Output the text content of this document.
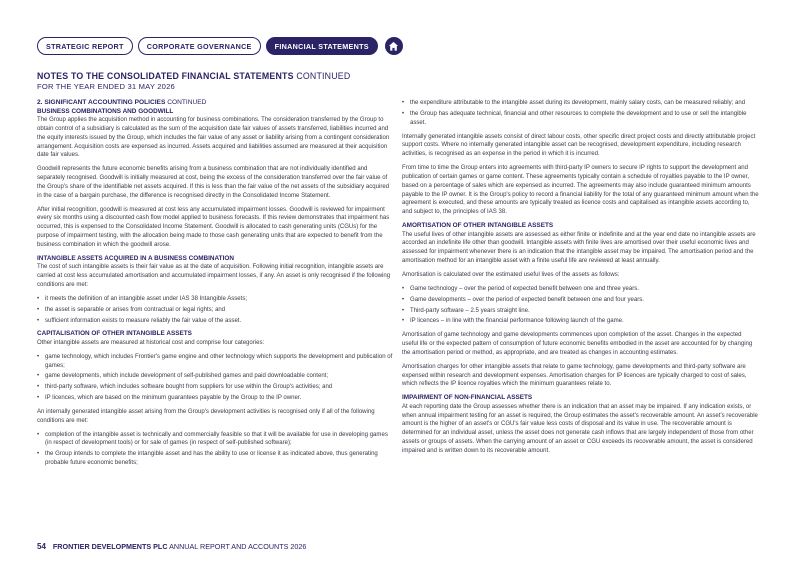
STRATEGIC REPORT	CORPORATE GOVERNANCE	FINANCIAL STATEMENTS
NOTES TO THE CONSOLIDATED FINANCIAL STATEMENTS CONTINUED
FOR THE YEAR ENDED 31 MAY 2026
2. SIGNIFICANT ACCOUNTING POLICIES CONTINUED
BUSINESS COMBINATIONS AND GOODWILL

The Group applies the acquisition method in accounting for business combinations. The consideration transferred by the Group to obtain control of a subsidiary is calculated as the sum of the acquisition date fair values of assets transferred, liabilities incurred and the equity interests issued by the Group, which includes the fair value of any asset or liability arising from a contingent consideration arrangement. Acquisition costs are expensed as incurred. Assets acquired and liabilities assumed are measured at their acquisition date fair values.

Goodwill represents the future economic benefits arising from a business combination that are not individually identified and separately recognised. Goodwill is initially measured at cost, being the excess of the consideration transferred over the fair value of the Group's share of the identifiable net assets acquired. If this is less than the fair value of the net assets of the subsidiary acquired in the case of a bargain purchase, the difference is recognised directly in the Consolidated Income Statement.

After initial recognition, goodwill is measured at cost less any accumulated impairment losses. Goodwill is reviewed for impairment every six months using a discounted cash flow model applied to business forecasts. If this review demonstrates that impairment has occurred, this is expensed to the Consolidated Income Statement. Goodwill is allocated to cash generating units (CGUs) for the purpose of impairment testing, with the allocation being made to those cash generating units that are expected to benefit from the business combination in which the goodwill arose.

INTANGIBLE ASSETS ACQUIRED IN A BUSINESS COMBINATION

The cost of such intangible assets is their fair value as at the date of acquisition. Following initial recognition, intangible assets are carried at cost less accumulated amortisation and accumulated impairment losses, if any. An asset is only recognised if the following conditions are met:

• it meets the definition of an intangible asset under IAS 38 Intangible Assets;
• the asset is separable or arises from contractual or legal rights; and
• sufficient information exists to measure reliably the fair value of the asset.
CAPITALISATION OF OTHER INTANGIBLE ASSETS

Other intangible assets are measured at historical cost and comprise four categories:

• game technology, which includes Frontier's game engine and other technology which supports the development and publication of games;
• game developments, which include development of self-published games and paid downloadable content;
• third-party software, which includes software bought from suppliers for use within the Group's activities; and
• IP licences, which are based on the minimum guarantees payable by the Group to the IP owner.

An internally generated intangible asset arising from the Group's development activities is recognised only if all of the following conditions are met:

• completion of the intangible asset is technically and commercially feasible so that it will be available for use in developing games (in respect of development tools) or for sale of games (in respect of self-published software);
• the Group intends to complete the intangible asset and has the ability to use or license it as indicated above, thus generating probable future economic benefits;
• the expenditure attributable to the intangible asset during its development, mainly salary costs, can be measured reliably; and
• the Group has adequate technical, financial and other resources to complete the development and to use or sell the intangible asset.

Internally generated intangible assets consist of direct labour costs, other specific direct project costs and directly attributable project support costs. Where no internally generated intangible asset can be recognised, development expenditure, including research activities, is recognised as an expense in the period in which it is incurred.

From time to time the Group enters into agreements with third-party IP owners to secure IP rights to support the development and publication of certain games or game content. These agreements typically contain a schedule of royalties payable to the IP owner, based on a percentage of sales which are expensed as incurred. The agreements may also include guaranteed minimum amounts payable to the IP owner. It is the Group's policy to record a financial liability for the total of any guaranteed minimum amount when the agreement is executed, and these amounts are typically treated as licence costs and capitalised as intangible assets according to, and subject to, the principles of IAS 38.

AMORTISATION OF OTHER INTANGIBLE ASSETS

The useful lives of other intangible assets are assessed as either finite or indefinite and at the year end date no intangible assets are accorded an indefinite life other than goodwill. Intangible assets with finite lives are amortised over their useful economic lives and assessed for impairment whenever there is an indication that the intangible asset may be impaired. The amortisation period and the amortisation method for an intangible asset with a finite useful life are reviewed at least annually.

Amortisation is calculated over the estimated useful lives of the assets as follows:

• Game technology – over the period of expected benefit between one and three years.
• Game developments – over the period of expected benefit between one and four years.
• Third-party software – 2.5 years straight line.
• IP licences – in line with the financial performance following launch of the game.

Amortisation of game technology and game developments commences upon completion of the asset. Changes in the expected useful life or the expected pattern of consumption of future economic benefits embodied in the asset are accounted for by changing the amortisation period or method, as appropriate, and are treated as changes in accounting estimates.

Amortisation charges for other intangible assets that relate to game technology, game developments and third-party software are expensed within research and development expenses. Amortisation charges for IP licences are typically charged to cost of sales, which reflects the IP licence royalties which the minimum guarantees relate to.

IMPAIRMENT OF NON-FINANCIAL ASSETS

At each reporting date the Group assesses whether there is an indication that an asset may be impaired. If any indication exists, or when annual impairment testing for an asset is required, the Group estimates the asset's recoverable amount. An asset's recoverable amount is the higher of an asset's or CGU's fair value less costs of disposal and its value in use. The recoverable amount is determined for an individual asset, unless the asset does not generate cash inflows that are largely independent of those from other assets or groups of assets. When the carrying amount of an asset or CGU exceeds its recoverable amount, the asset is considered impaired and is written down to its recoverable amount.

54 FRONTIER DEVELOPMENTS PLC ANNUAL REPORT AND ACCOUNTS 2026
